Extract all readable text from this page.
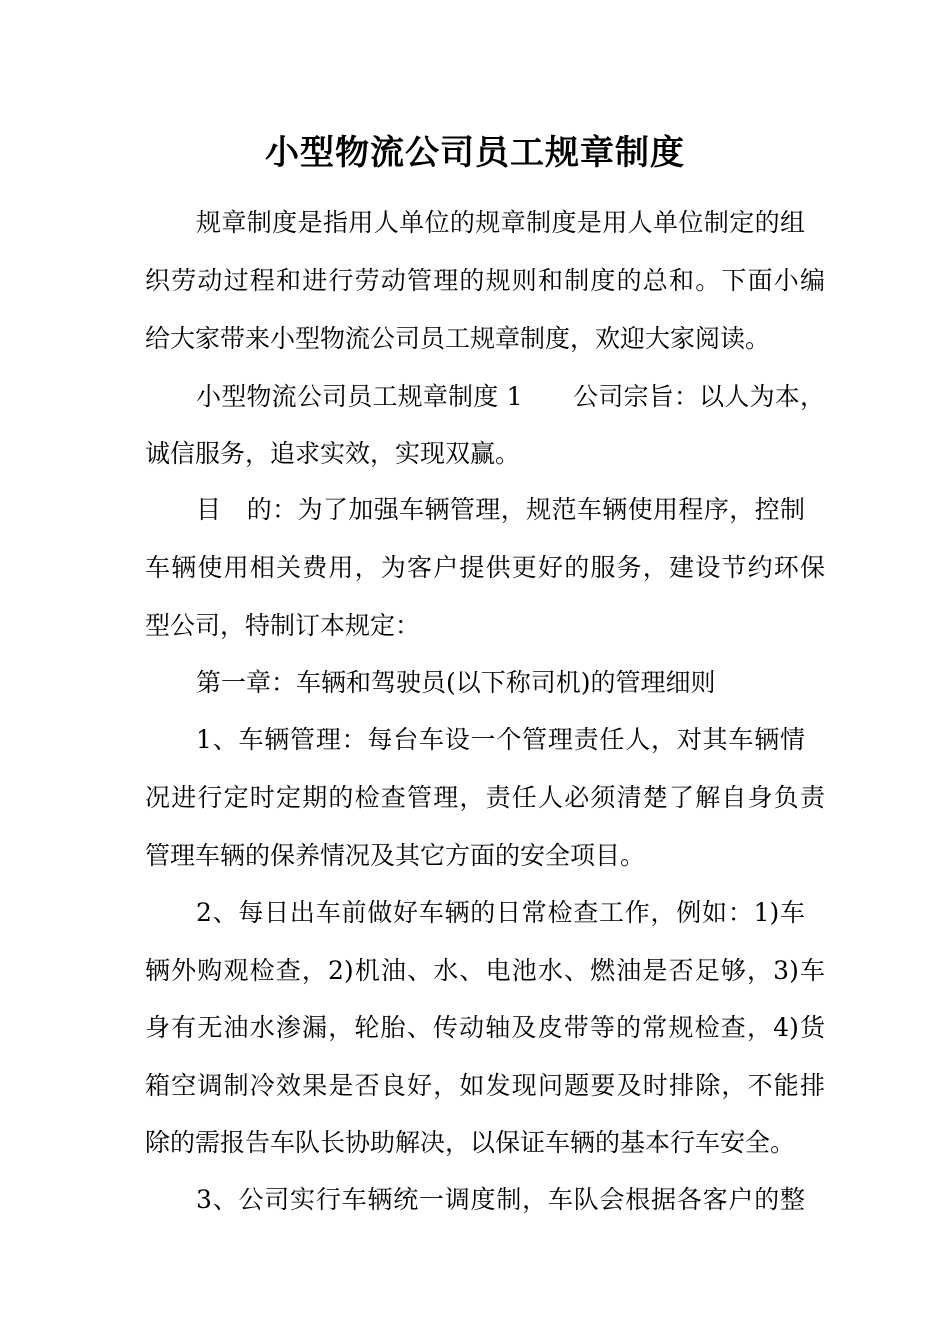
小型物流公司员工规章制度

规章制度是指用人单位的规章制度是用人单位制定的组

织劳动过程和进行劳动管理的规则和制度的总和。下面小编

给大家带来小型物流公司员工规章制度，欢迎大家阅读。

小型物流公司员工规章制度 1　　公司宗旨：以人为本，

诚信服务，追求实效，实现双赢。

目　的：为了加强车辆管理，规范车辆使用程序，控制

车辆使用相关费用，为客户提供更好的服务，建设节约环保

型公司，特制订本规定：

第一章：车辆和驾驶员(以下称司机)的管理细则

1、车辆管理：每台车设一个管理责任人，对其车辆情

况进行定时定期的检查管理，责任人必须清楚了解自身负责

管理车辆的保养情况及其它方面的安全项目。

2、每日出车前做好车辆的日常检查工作，例如：1)车

辆外购观检查，2)机油、水、电池水、燃油是否足够，3)车

身有无油水渗漏，轮胎、传动轴及皮带等的常规检查，4)货

箱空调制冷效果是否良好，如发现问题要及时排除，不能排

除的需报告车队长协助解决，以保证车辆的基本行车安全。

3、公司实行车辆统一调度制，车队会根据各客户的整
